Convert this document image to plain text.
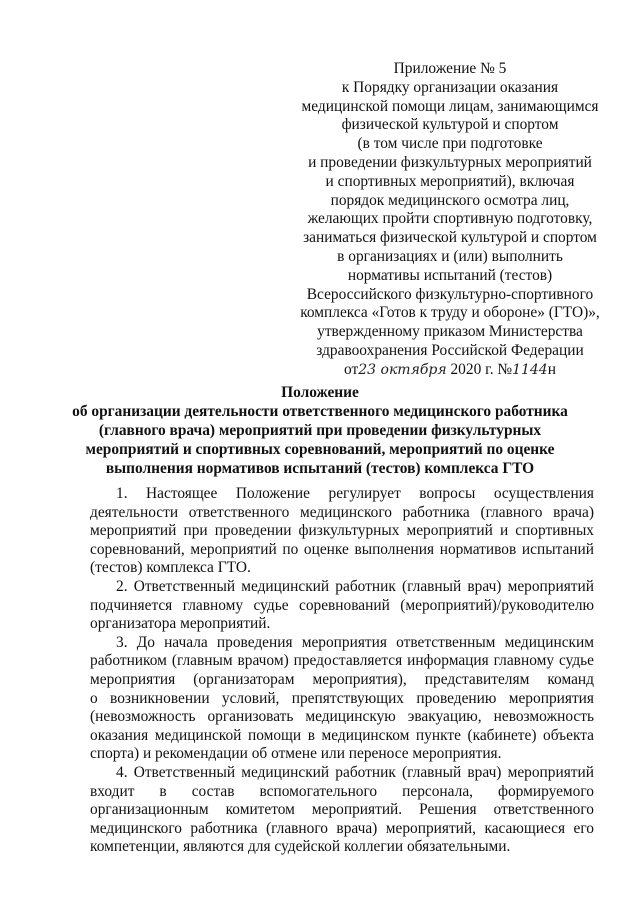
Приложение № 5
к Порядку организации оказания
медицинской помощи лицам, занимающимся
физической культурой и спортом
(в том числе при подготовке
и проведении физкультурных мероприятий
и спортивных мероприятий), включая
порядок медицинского осмотра лиц,
желающих пройти спортивную подготовку,
заниматься физической культурой и спортом
в организациях и (или) выполнить
нормативы испытаний (тестов)
Всероссийского физкультурно-спортивного
комплекса «Готов к труду и обороне» (ГТО)»,
утвержденному приказом Министерства
здравоохранения Российской Федерации
от23 октября 2020 г. №1144н
Положение
об организации деятельности ответственного медицинского работника
(главного врача) мероприятий при проведении физкультурных
мероприятий и спортивных соревнований, мероприятий по оценке
выполнения нормативов испытаний (тестов) комплекса ГТО
1. Настоящее Положение регулирует вопросы осуществления
деятельности ответственного медицинского работника (главного врача)
мероприятий при проведении физкультурных мероприятий и спортивных
соревнований, мероприятий по оценке выполнения нормативов испытаний
(тестов) комплекса ГТО.
2. Ответственный медицинский работник (главный врач) мероприятий
подчиняется главному судье соревнований (мероприятий)/руководителю
организатора мероприятий.
3. До начала проведения мероприятия ответственным медицинским
работником (главным врачом) предоставляется информация главному судье
мероприятия (организаторам мероприятия), представителям команд
о возникновении условий, препятствующих проведению мероприятия
(невозможность организовать медицинскую эвакуацию, невозможность
оказания медицинской помощи в медицинском пункте (кабинете) объекта
спорта) и рекомендации об отмене или переносе мероприятия.
4. Ответственный медицинский работник (главный врач) мероприятий
входит в состав вспомогательного персонала, формируемого
организационным комитетом мероприятий. Решения ответственного
медицинского работника (главного врача) мероприятий, касающиеся его
компетенции, являются для судейской коллегии обязательными.
